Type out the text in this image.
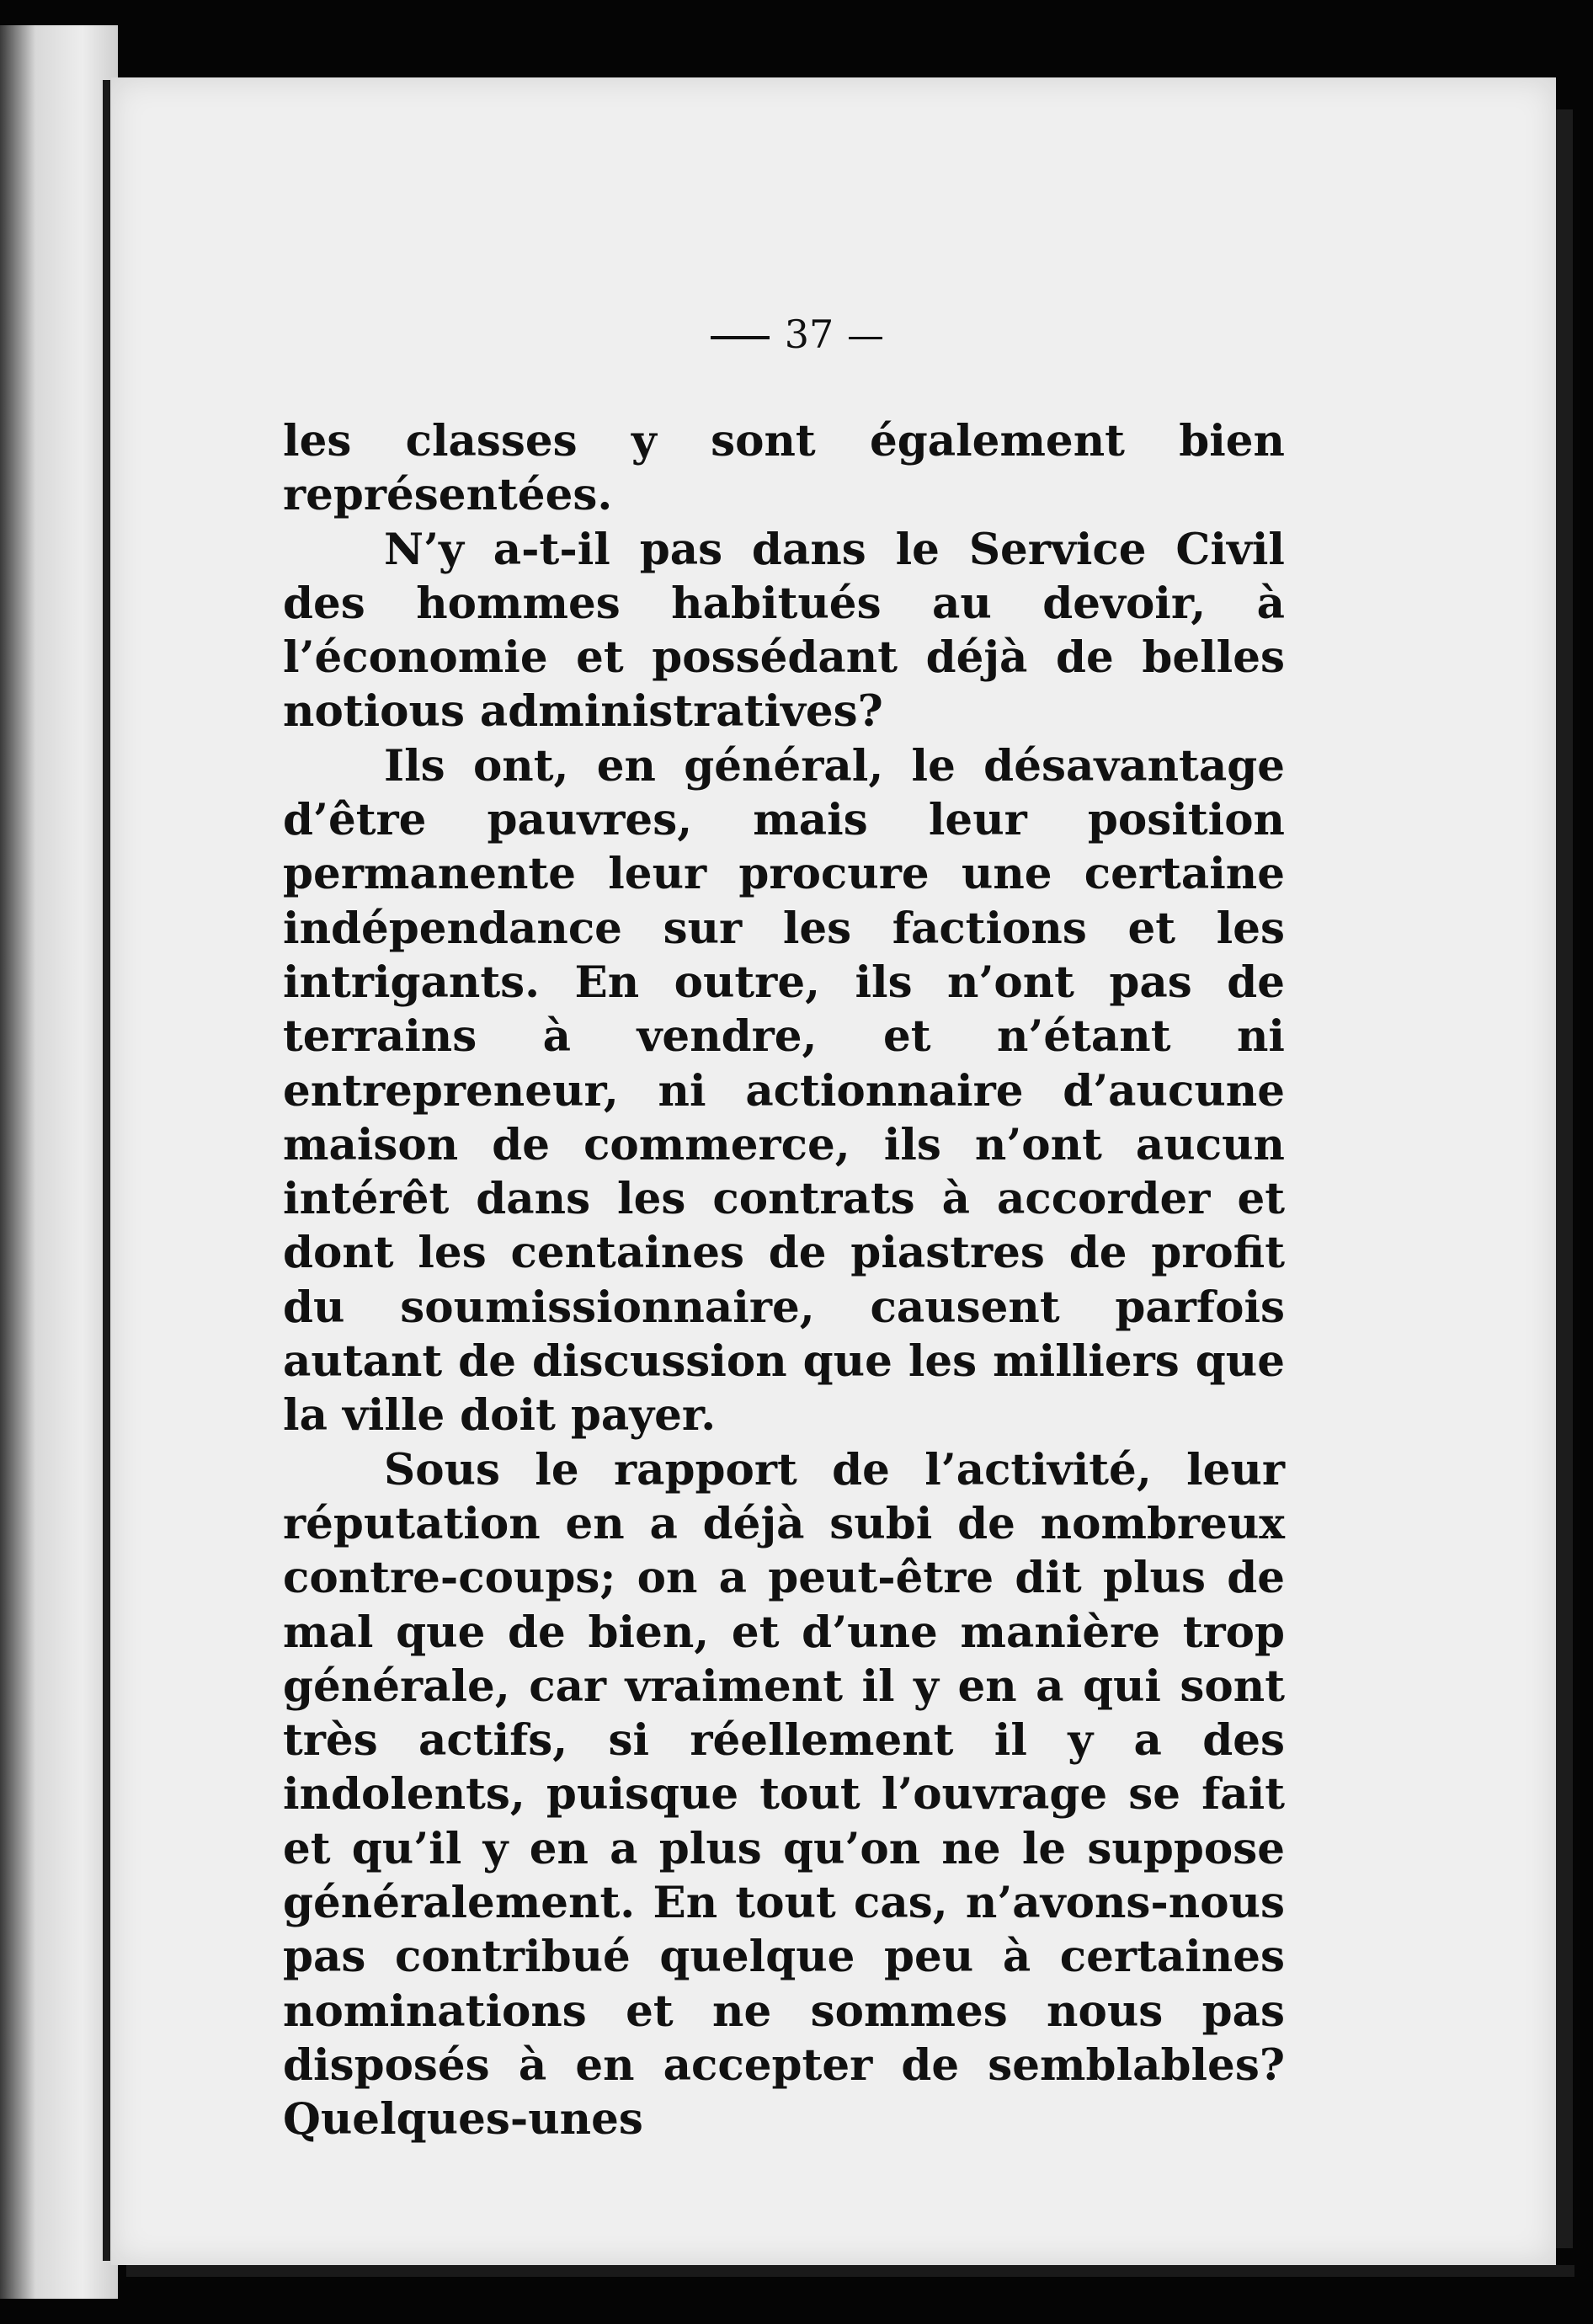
37

les classes y sont également bien représentées.

N’y a-t-il pas dans le Service Civil des hommes habitués au devoir, à l’économie et possédant déjà de belles notious administratives?

Ils ont, en général, le désavantage d’être pauvres, mais leur position permanente leur procure une certaine indépendance sur les factions et les intrigants. En outre, ils n’ont pas de terrains à vendre, et n’étant ni entrepreneur, ni actionnaire d’aucune maison de commerce, ils n’ont aucun intérêt dans les contrats à accorder et dont les centaines de piastres de profit du soumissionnaire, causent parfois autant de discussion que les milliers que la ville doit payer.

Sous le rapport de l’activité, leur réputation en a déjà subi de nombreux contre-coups; on a peut-être dit plus de mal que de bien, et d’une manière trop générale, car vraiment il y en a qui sont très actifs, si réellement il y a des indolents, puisque tout l’ouvrage se fait et qu’il y en a plus qu’on ne le suppose généralement. En tout cas, n’avons-nous pas contribué quelque peu à certaines nominations et ne sommes nous pas disposés à en accepter de semblables? Quelques-unes
